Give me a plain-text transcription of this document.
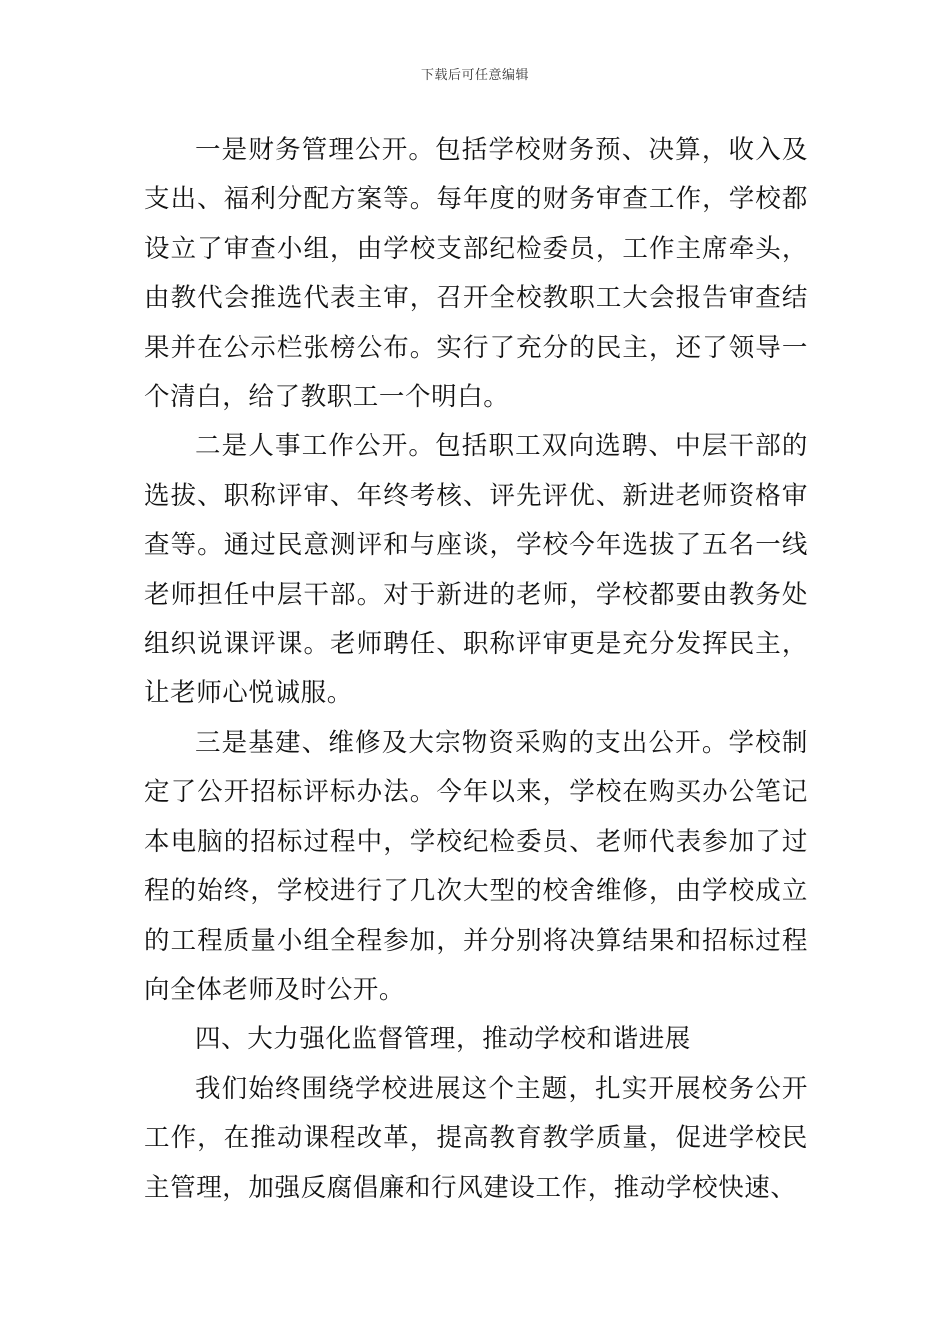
下载后可任意编辑

一是财务管理公开。包括学校财务预、决算，收入及支出、福利分配方案等。每年度的财务审查工作，学校都设立了审查小组，由学校支部纪检委员，工作主席牵头，由教代会推选代表主审，召开全校教职工大会报告审查结果并在公示栏张榜公布。实行了充分的民主，还了领导一个清白，给了教职工一个明白。

二是人事工作公开。包括职工双向选聘、中层干部的选拔、职称评审、年终考核、评先评优、新进老师资格审查等。通过民意测评和与座谈，学校今年选拔了五名一线老师担任中层干部。对于新进的老师，学校都要由教务处组织说课评课。老师聘任、职称评审更是充分发挥民主，让老师心悦诚服。

三是基建、维修及大宗物资采购的支出公开。学校制定了公开招标评标办法。今年以来，学校在购买办公笔记本电脑的招标过程中，学校纪检委员、老师代表参加了过程的始终，学校进行了几次大型的校舍维修，由学校成立的工程质量小组全程参加，并分别将决算结果和招标过程向全体老师及时公开。

四、大力强化监督管理，推动学校和谐进展

我们始终围绕学校进展这个主题，扎实开展校务公开工作，在推动课程改革，提高教育教学质量，促进学校民主管理，加强反腐倡廉和行风建设工作，推动学校快速、
